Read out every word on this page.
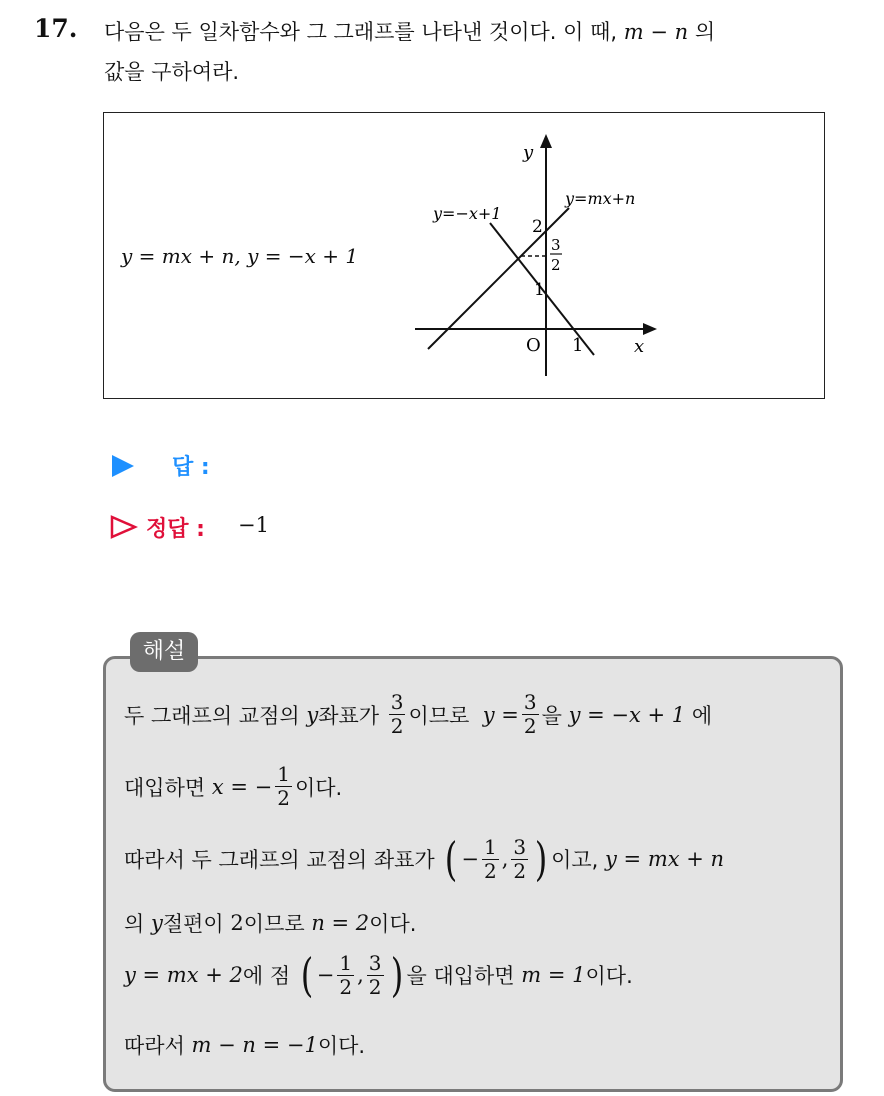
17. 다음은 두 일차함수와 그 그래프를 나타낸 것이다. 이 때, m − n 의
값을 구하여라.
y = mx + n, y = −x + 1
y
x
O 1
2
1
3
2
y=−x+1
y=mx+n
답 :
정답 : −1
해설
두 그래프의 교점의
y 좌표가
$\frac{3}{2}$ 이므로
$y = \frac{3}{2}$ 을
y = −x + 1
에
대입하면
x = − $\frac{1}{2}$ 이다.
따라서 두 그래프의 교점의 좌표가
( − $\frac{1}{2}$ , $\frac{3}{2}$ ) 이고,
y = mx + n
의
y 절편이
2 이므로
n = 2 이다.
y = mx + 2 에 점
( − $\frac{1}{2}$ , $\frac{3}{2}$ ) 을 대입하면
m = 1 이다.
따라서
m − n = −1 이다.
